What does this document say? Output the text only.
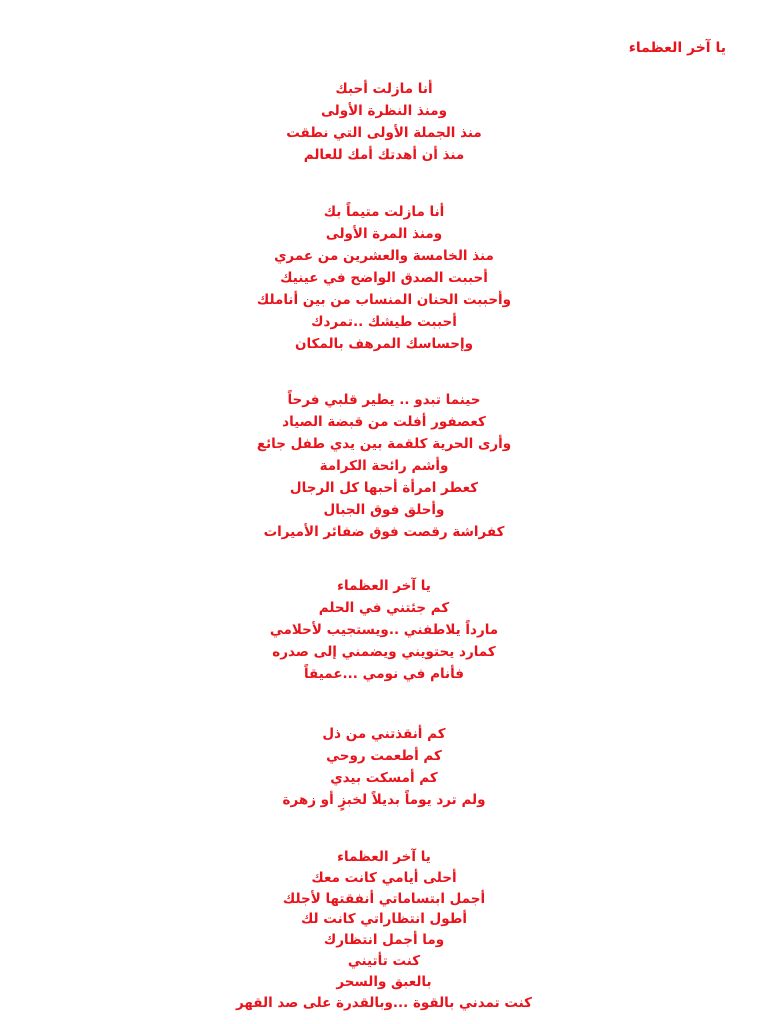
يا آخر العظماء
أنا مازلت أحبك
ومنذ النظرة الأولى
منذ الجملة الأولى التي نطقت
منذ أن أهدتك أمك للعالم
أنا مازلت متيماً بك
ومنذ المرة الأولى
منذ الخامسة والعشرين من عمري
أحببت الصدق الواضح في عينيك
وأحببت الحنان المنساب من بين أناملك
أحببت طيشك ..تمردك
وإحساسك المرهف بالمكان
حينما تبدو .. يطير قلبي فرحاً
كعصفور أفلت من قبضة الصياد
وأرى الحرية كلقمة بين يدي طفل جائع
وأشم رائحة الكرامة
كعطر امرأة أحبها كل الرجال
وأحلق فوق الجبال
كفراشة رقصت فوق ضفائر الأميرات
يا آخر العظماء
كم جئتني في الحلم
مارداً يلاطفني ..ويستجيب لأحلامي
كمارد يحتويني ويضمني إلى صدره
فأنام في نومي ...عميقاً
كم أنقذتني من ذل
كم أطعمت روحي
كم أمسكت بيدي
ولم ترد يوماً بديلاً لخبزٍ أو زهرة
يا آخر العظماء
أحلى أيامي كانت معك
أجمل ابتساماتي أنفقتها لأجلك
أطول انتظاراتي كانت لك
وما أجمل انتظارك
كنت تأتيني
بالعبق والسحر
كنت تمدني بالقوة ...وبالقدرة على صد القهر
